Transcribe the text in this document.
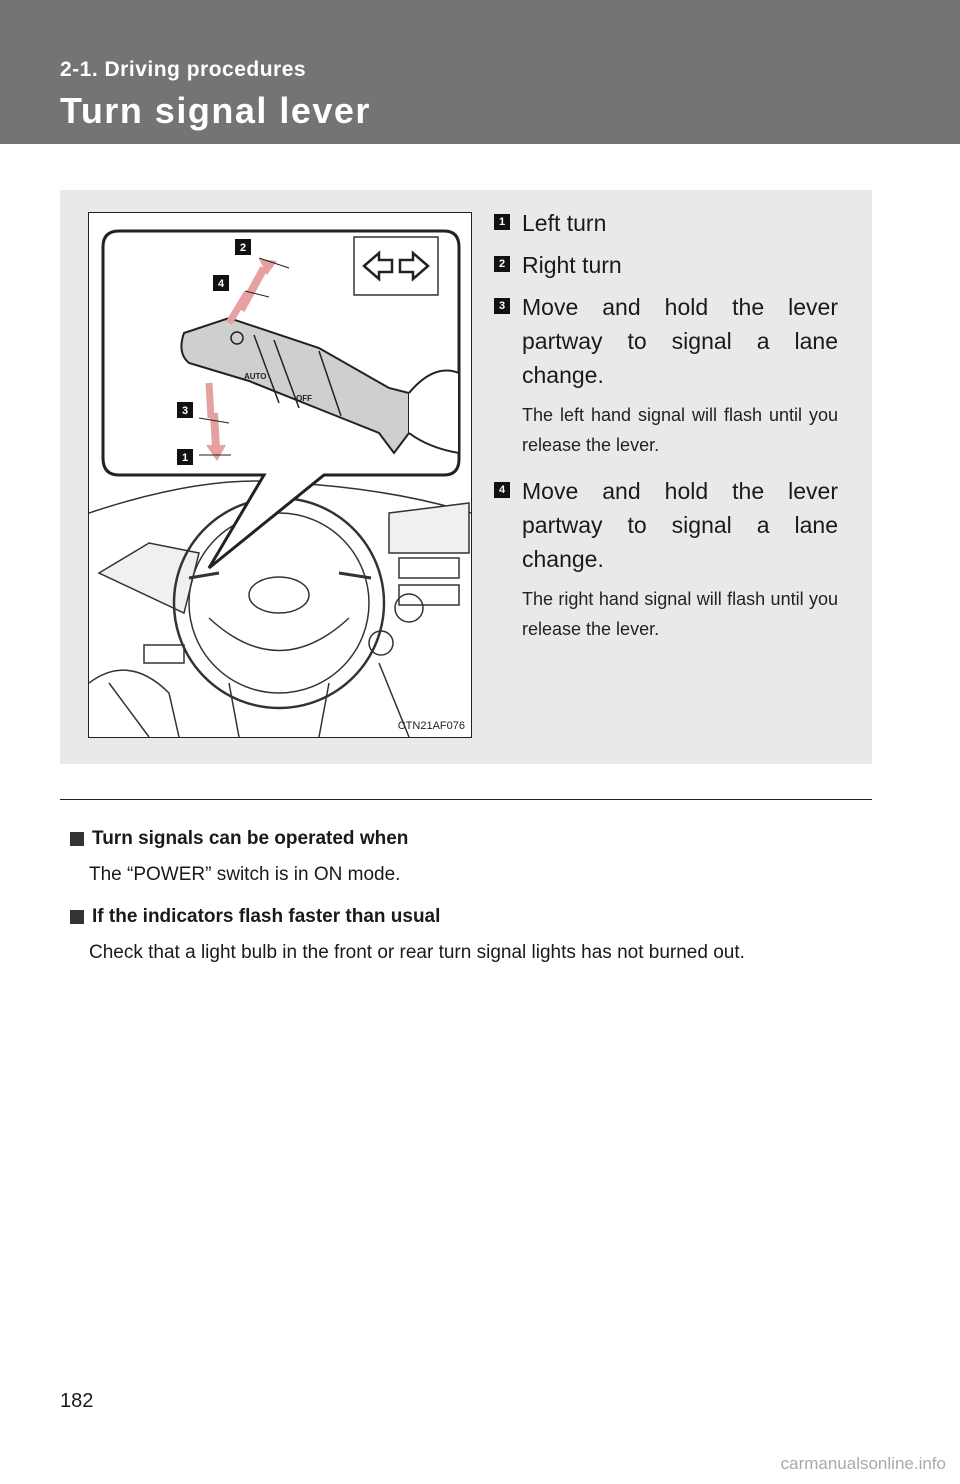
2-1. Driving procedures
Turn signal lever
AUTO
OFF
2
4
3
1
CTN21AF076
1 Left turn
2 Right turn
3 Move and hold the lever partway to signal a lane change.
The left hand signal will flash until you release the lever.
4 Move and hold the lever partway to signal a lane change.
The right hand signal will flash until you release the lever.
Turn signals can be operated when
The “POWER” switch is in ON mode.
If the indicators flash faster than usual
Check that a light bulb in the front or rear turn signal lights has not burned out.
182
carmanualsonline.info
